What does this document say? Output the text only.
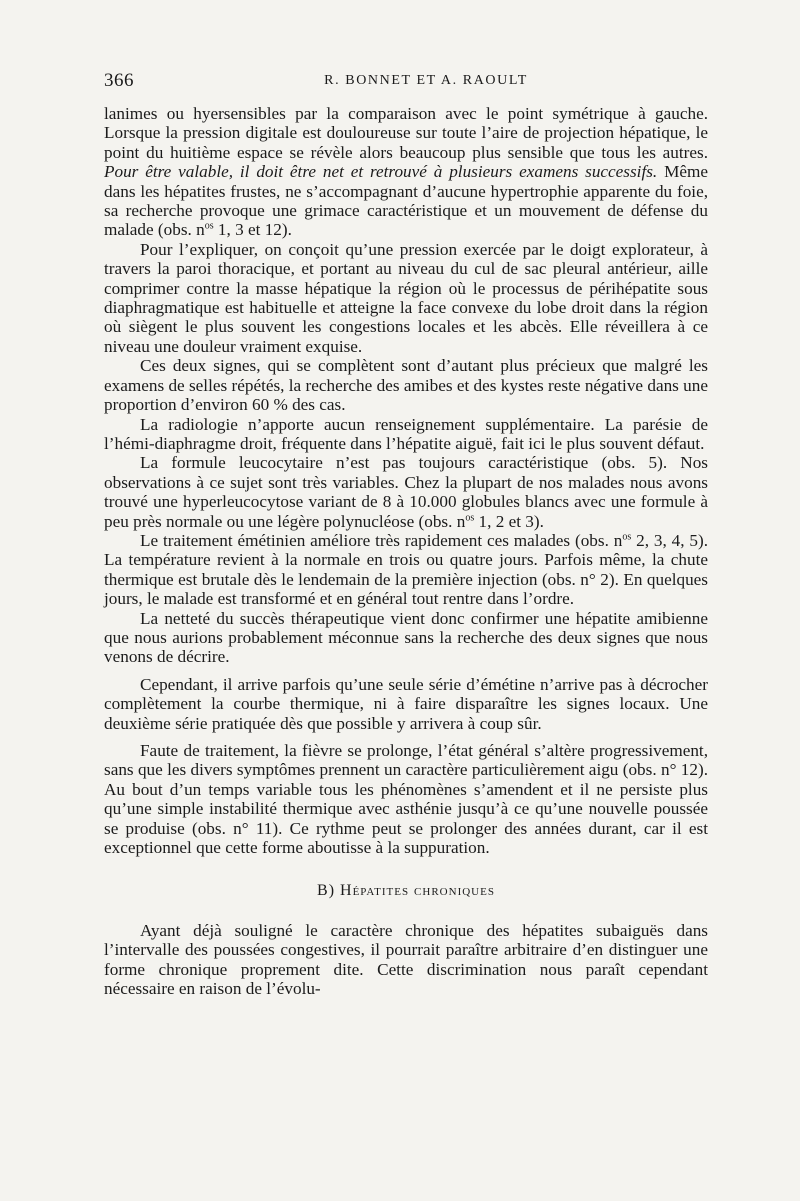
366	R. BONNET ET A. RAOULT

lanimes ou hyersensibles par la comparaison avec le point symétrique à gauche. Lorsque la pression digitale est douloureuse sur toute l’aire de projection hépatique, le point du huitième espace se révèle alors beaucoup plus sensible que tous les autres. Pour être valable, il doit être net et retrouvé à plusieurs examens successifs. Même dans les hépatites frustes, ne s’accompagnant d’aucune hypertrophie apparente du foie, sa recherche provoque une grimace caractéristique et un mouvement de défense du malade (obs. $n^{os}$ 1, 3 et 12).

Pour l’expliquer, on conçoit qu’une pression exercée par le doigt explorateur, à travers la paroi thoracique, et portant au niveau du cul de sac pleural antérieur, aille comprimer contre la masse hépatique la région où le processus de périhépatite sous diaphragmatique est habituelle et atteigne la face convexe du lobe droit dans la région où siègent le plus souvent les congestions locales et les abcès. Elle réveillera à ce niveau une douleur vraiment exquise.

Ces deux signes, qui se complètent sont d’autant plus précieux que malgré les examens de selles répétés, la recherche des amibes et des kystes reste négative dans une proportion d’environ 60 % des cas.

La radiologie n’apporte aucun renseignement supplémentaire. La parésie de l’hémi-diaphragme droit, fréquente dans l’hépatite aiguë, fait ici le plus souvent défaut.

La formule leucocytaire n’est pas toujours caractéristique (obs. 5). Nos observations à ce sujet sont très variables. Chez la plupart de nos malades nous avons trouvé une hyperleucocytose variant de 8 à 10.000 globules blancs avec une formule à peu près normale ou une légère polynucléose (obs. $n^{os}$ 1, 2 et 3).

Le traitement émétinien améliore très rapidement ces malades (obs. $n^{os}$ 2, 3, 4, 5). La température revient à la normale en trois ou quatre jours. Parfois même, la chute thermique est brutale dès le lendemain de la première injection (obs. n° 2). En quelques jours, le malade est transformé et en général tout rentre dans l’ordre.

La netteté du succès thérapeutique vient donc confirmer une hépatite amibienne que nous aurions probablement méconnue sans la recherche des deux signes que nous venons de décrire.

Cependant, il arrive parfois qu’une seule série d’émétine n’arrive pas à décrocher complètement la courbe thermique, ni à faire disparaître les signes locaux. Une deuxième série pratiquée dès que possible y arrivera à coup sûr.

Faute de traitement, la fièvre se prolonge, l’état général s’altère progressivement, sans que les divers symptômes prennent un caractère particulièrement aigu (obs. n° 12). Au bout d’un temps variable tous les phénomènes s’amendent et il ne persiste plus qu’une simple instabilité thermique avec asthénie jusqu’à ce qu’une nouvelle poussée se produise (obs. n° 11). Ce rythme peut se prolonger des années durant, car il est exceptionnel que cette forme aboutisse à la suppuration.

B) Hépatites chroniques

Ayant déjà souligné le caractère chronique des hépatites subaiguës dans l’intervalle des poussées congestives, il pourrait paraître arbitraire d’en distinguer une forme chronique proprement dite. Cette discrimination nous paraît cependant nécessaire en raison de l’évolu-
